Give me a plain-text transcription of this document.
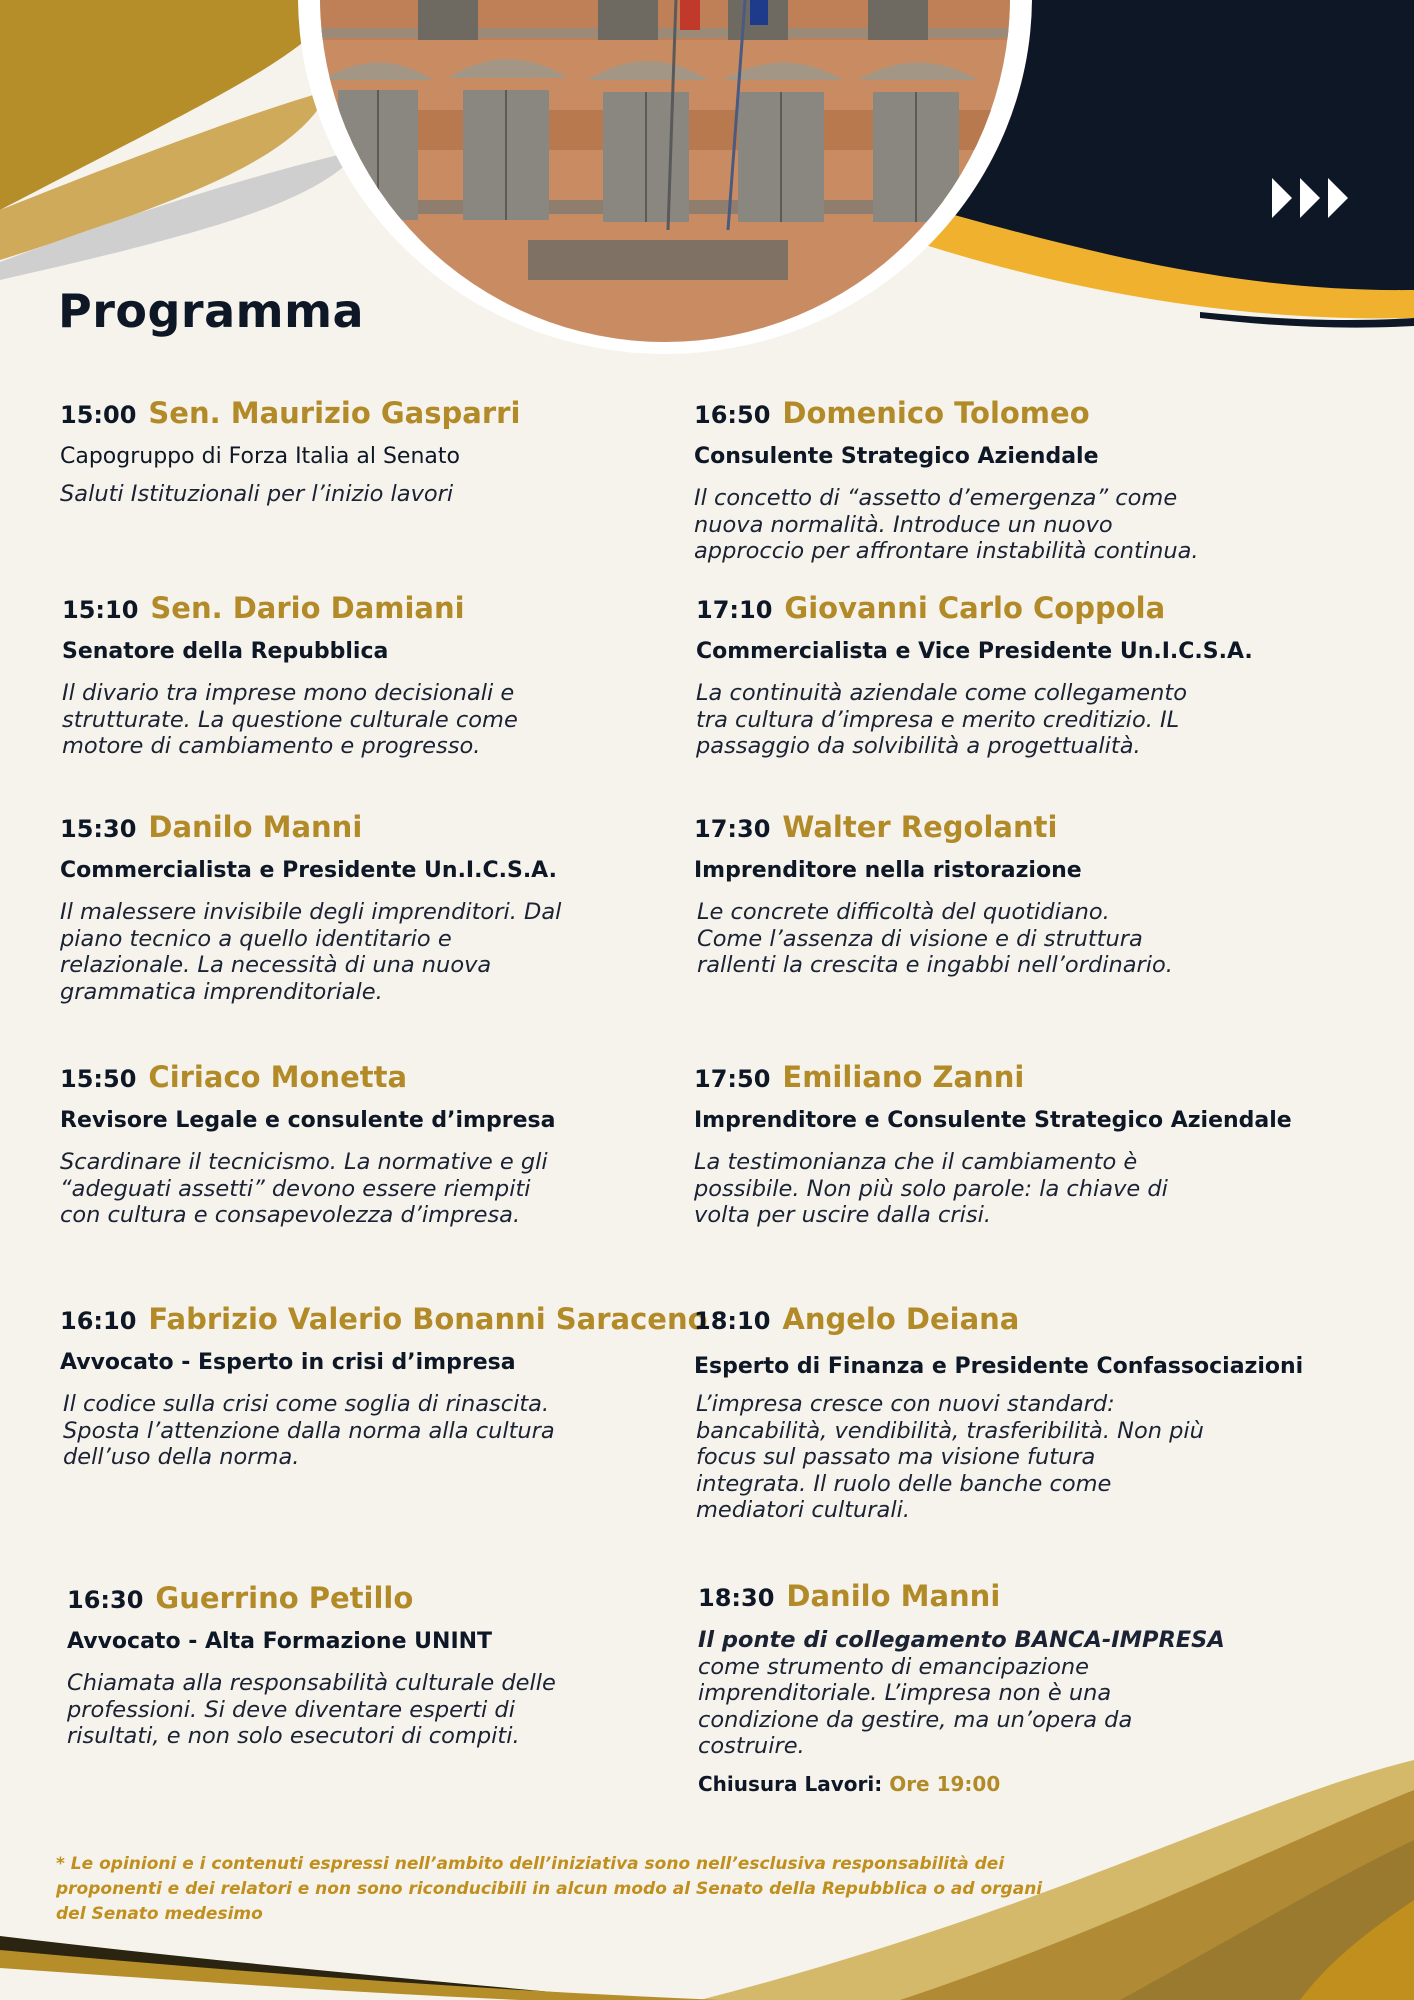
Programma
15:00 Sen. Maurizio Gasparri
Capogruppo di Forza Italia al Senato
Saluti Istituzionali per l’inizio lavori
15:10 Sen. Dario Damiani
Senatore della Repubblica
Il divario tra imprese mono decisionali e
strutturate. La questione culturale come
motore di cambiamento e progresso.
15:30 Danilo Manni
Commercialista e Presidente Un.I.C.S.A.
Il malessere invisibile degli imprenditori. Dal
piano tecnico a quello identitario e
relazionale. La necessità di una nuova
grammatica imprenditoriale.
15:50 Ciriaco Monetta
Revisore Legale e consulente d’impresa
Scardinare il tecnicismo. La normative e gli
“adeguati assetti” devono essere riempiti
con cultura e consapevolezza d’impresa.
16:10 Fabrizio Valerio Bonanni Saraceno
Avvocato - Esperto in crisi d’impresa
Il codice sulla crisi come soglia di rinascita.
Sposta l’attenzione dalla norma alla cultura
dell’uso della norma.
16:30 Guerrino Petillo
Avvocato - Alta Formazione UNINT
Chiamata alla responsabilità culturale delle
professioni. Si deve diventare esperti di
risultati, e non solo esecutori di compiti.
16:50 Domenico Tolomeo
Consulente Strategico Aziendale
Il concetto di “assetto d’emergenza” come
nuova normalità. Introduce un nuovo
approccio per affrontare instabilità continua.
17:10 Giovanni Carlo Coppola
Commercialista e Vice Presidente Un.I.C.S.A.
La continuità aziendale come collegamento
tra cultura d’impresa e merito creditizio. IL
passaggio da solvibilità a progettualità.
17:30 Walter Regolanti
Imprenditore nella ristorazione
Le concrete difficoltà del quotidiano.
Come l’assenza di visione e di struttura
rallenti la crescita e ingabbi nell’ordinario.
17:50 Emiliano Zanni
Imprenditore e Consulente Strategico Aziendale
La testimonianza che il cambiamento è
possibile. Non più solo parole: la chiave di
volta per uscire dalla crisi.
18:10 Angelo Deiana
Esperto di Finanza e Presidente Confassociazioni
L’impresa cresce con nuovi standard:
bancabilità, vendibilità, trasferibilità. Non più
focus sul passato ma visione futura
integrata. Il ruolo delle banche come
mediatori culturali.
18:30 Danilo Manni
Il ponte di collegamento BANCA-IMPRESA
come strumento di emancipazione
imprenditoriale. L’impresa non è una
condizione da gestire, ma un’opera da
costruire.
Chiusura Lavori: Ore 19:00
* Le opinioni e i contenuti espressi nell’ambito dell’iniziativa sono nell’esclusiva responsabilità dei
proponenti e dei relatori e non sono riconducibili in alcun modo al Senato della Repubblica o ad organi
del Senato medesimo
